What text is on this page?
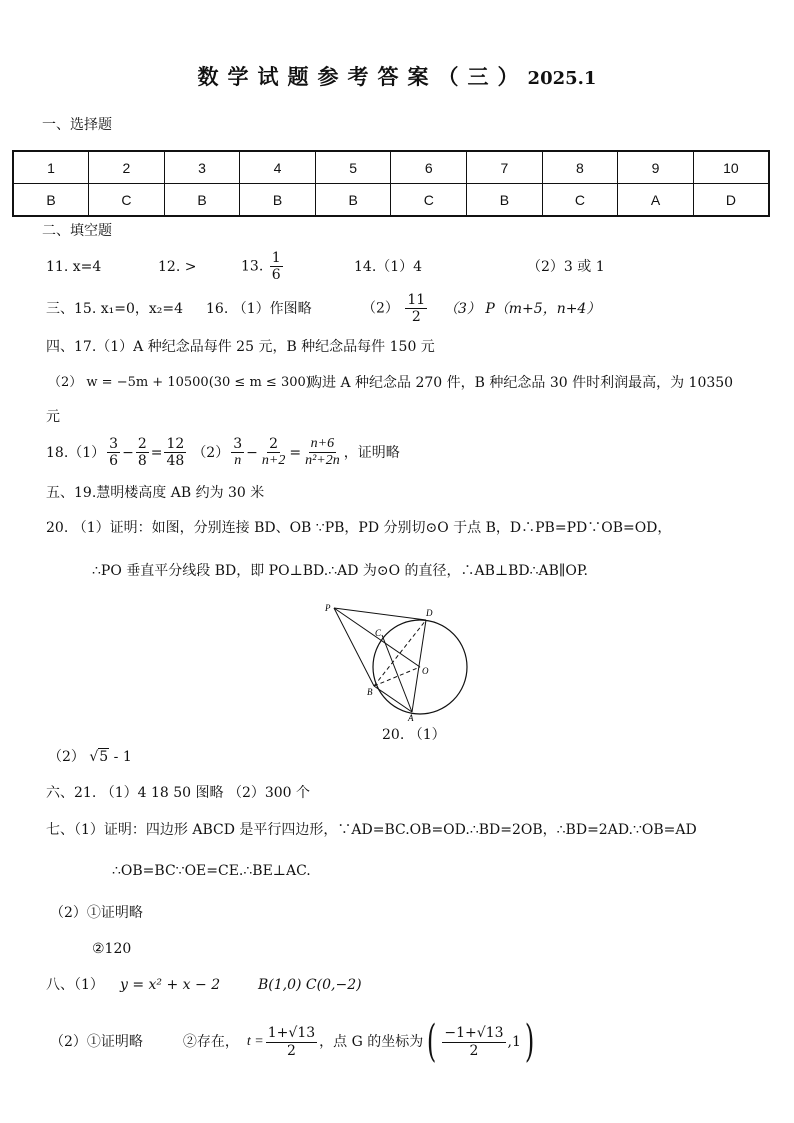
数学试题参考答案（三）2025.1
一、选择题
1	2	3	4	5	6	7	8	9	10
B	C	B	B	B	C	B	C	A	D
二、填空题
11. x=4	12. >	13. $\frac{1}{6}$	14.（1）4	（2）3 或 1
三、15. x₁=0，x₂=4 16. （1）作图略	$(2) \frac{11}{2} (3)$ P（m+5，n+4）
四、17.（1）A 种纪念品每件 25 元，B 种纪念品每件 150 元
（2） w = −5m + 10500(30 ≤ m ≤ 300)
购进 A 种纪念品 270 件，B 种纪念品 30 件时利润最高，为 10350
元
$18.(1) \frac{3}{6} - \frac{2}{8} = \frac{12}{48} (2) \frac{3}{n} - \frac{2}{n+2} = \frac{n+6}{\text{n²+2n}}$ ，证明略
五、19.慧明楼高度 AB 约为 30 米
20. （1）证明：如图，分别连接 BD、OB ∵PB，PD 分别切⊙O 于点 B，D∴PB=PD∵OB=OD，
∴PO 垂直平分线段 BD，即 PO⊥BD.∴AD 为⊙O 的直径，∴AB⊥BD∴AB∥OP.
P
C
D
O
B
A
20. （1）
（2） √5 - 1
六、21. （1）4 18 50 图略 （2）300 个
七、（1）证明：四边形 ABCD 是平行四边形，∵AD=BC.OB=OD.∴BD=2OB，∴BD=2AD.∵OB=AD
∴OB=BC∵OE=CE.∴BE⊥AC.
（2）①证明略
②120
八、（1） y = x² + x − 2	B(1,0) C(0,−2)
（2）①证明略	②存在， $t = \frac{1+√13}{2}$ ，点 G 的坐标为 ( $\frac{-1+√13}{2} ,1$ )
